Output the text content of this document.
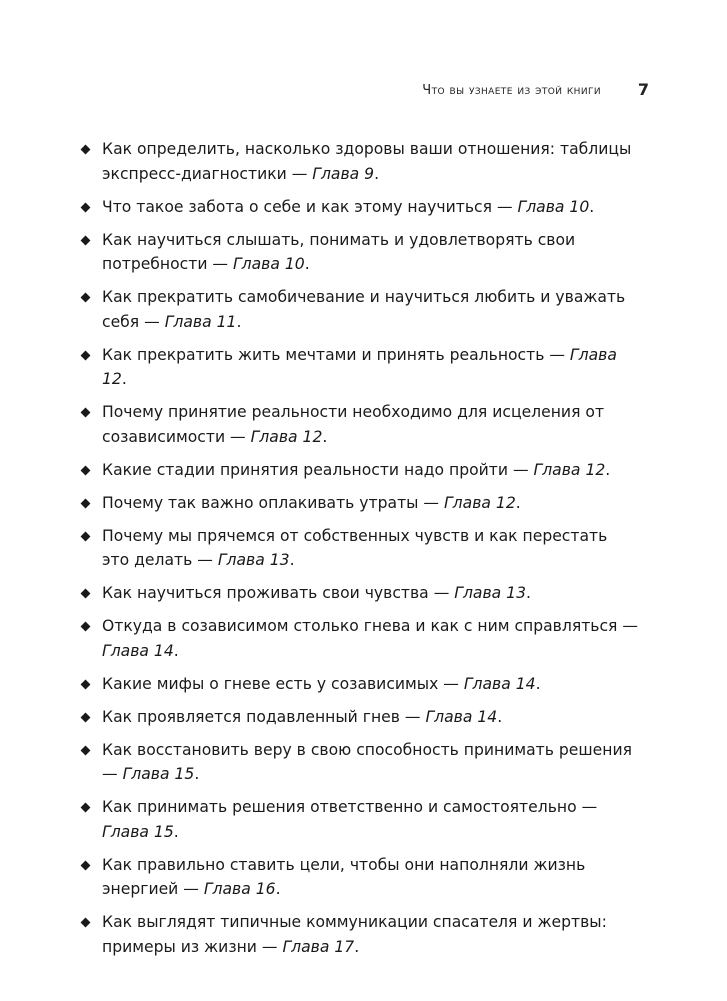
Что вы узнаете из этой книги 7
Как определить, насколько здоровы ваши отношения: таблицы экспресс-диагностики — Глава 9.
Что такое забота о себе и как этому научиться — Глава 10.
Как научиться слышать, понимать и удовлетворять свои потребности — Глава 10.
Как прекратить самобичевание и научиться любить и уважать себя — Глава 11.
Как прекратить жить мечтами и принять реальность — Глава 12.
Почему принятие реальности необходимо для исцеления от созависимости — Глава 12.
Какие стадии принятия реальности надо пройти — Глава 12.
Почему так важно оплакивать утраты — Глава 12.
Почему мы прячемся от собственных чувств и как перестать это делать — Глава 13.
Как научиться проживать свои чувства — Глава 13.
Откуда в созависимом столько гнева и как с ним справляться — Глава 14.
Какие мифы о гневе есть у созависимых — Глава 14.
Как проявляется подавленный гнев — Глава 14.
Как восстановить веру в свою способность принимать решения — Глава 15.
Как принимать решения ответственно и самостоятельно — Глава 15.
Как правильно ставить цели, чтобы они наполняли жизнь энергией — Глава 16.
Как выглядят типичные коммуникации спасателя и жертвы: примеры из жизни — Глава 17.
